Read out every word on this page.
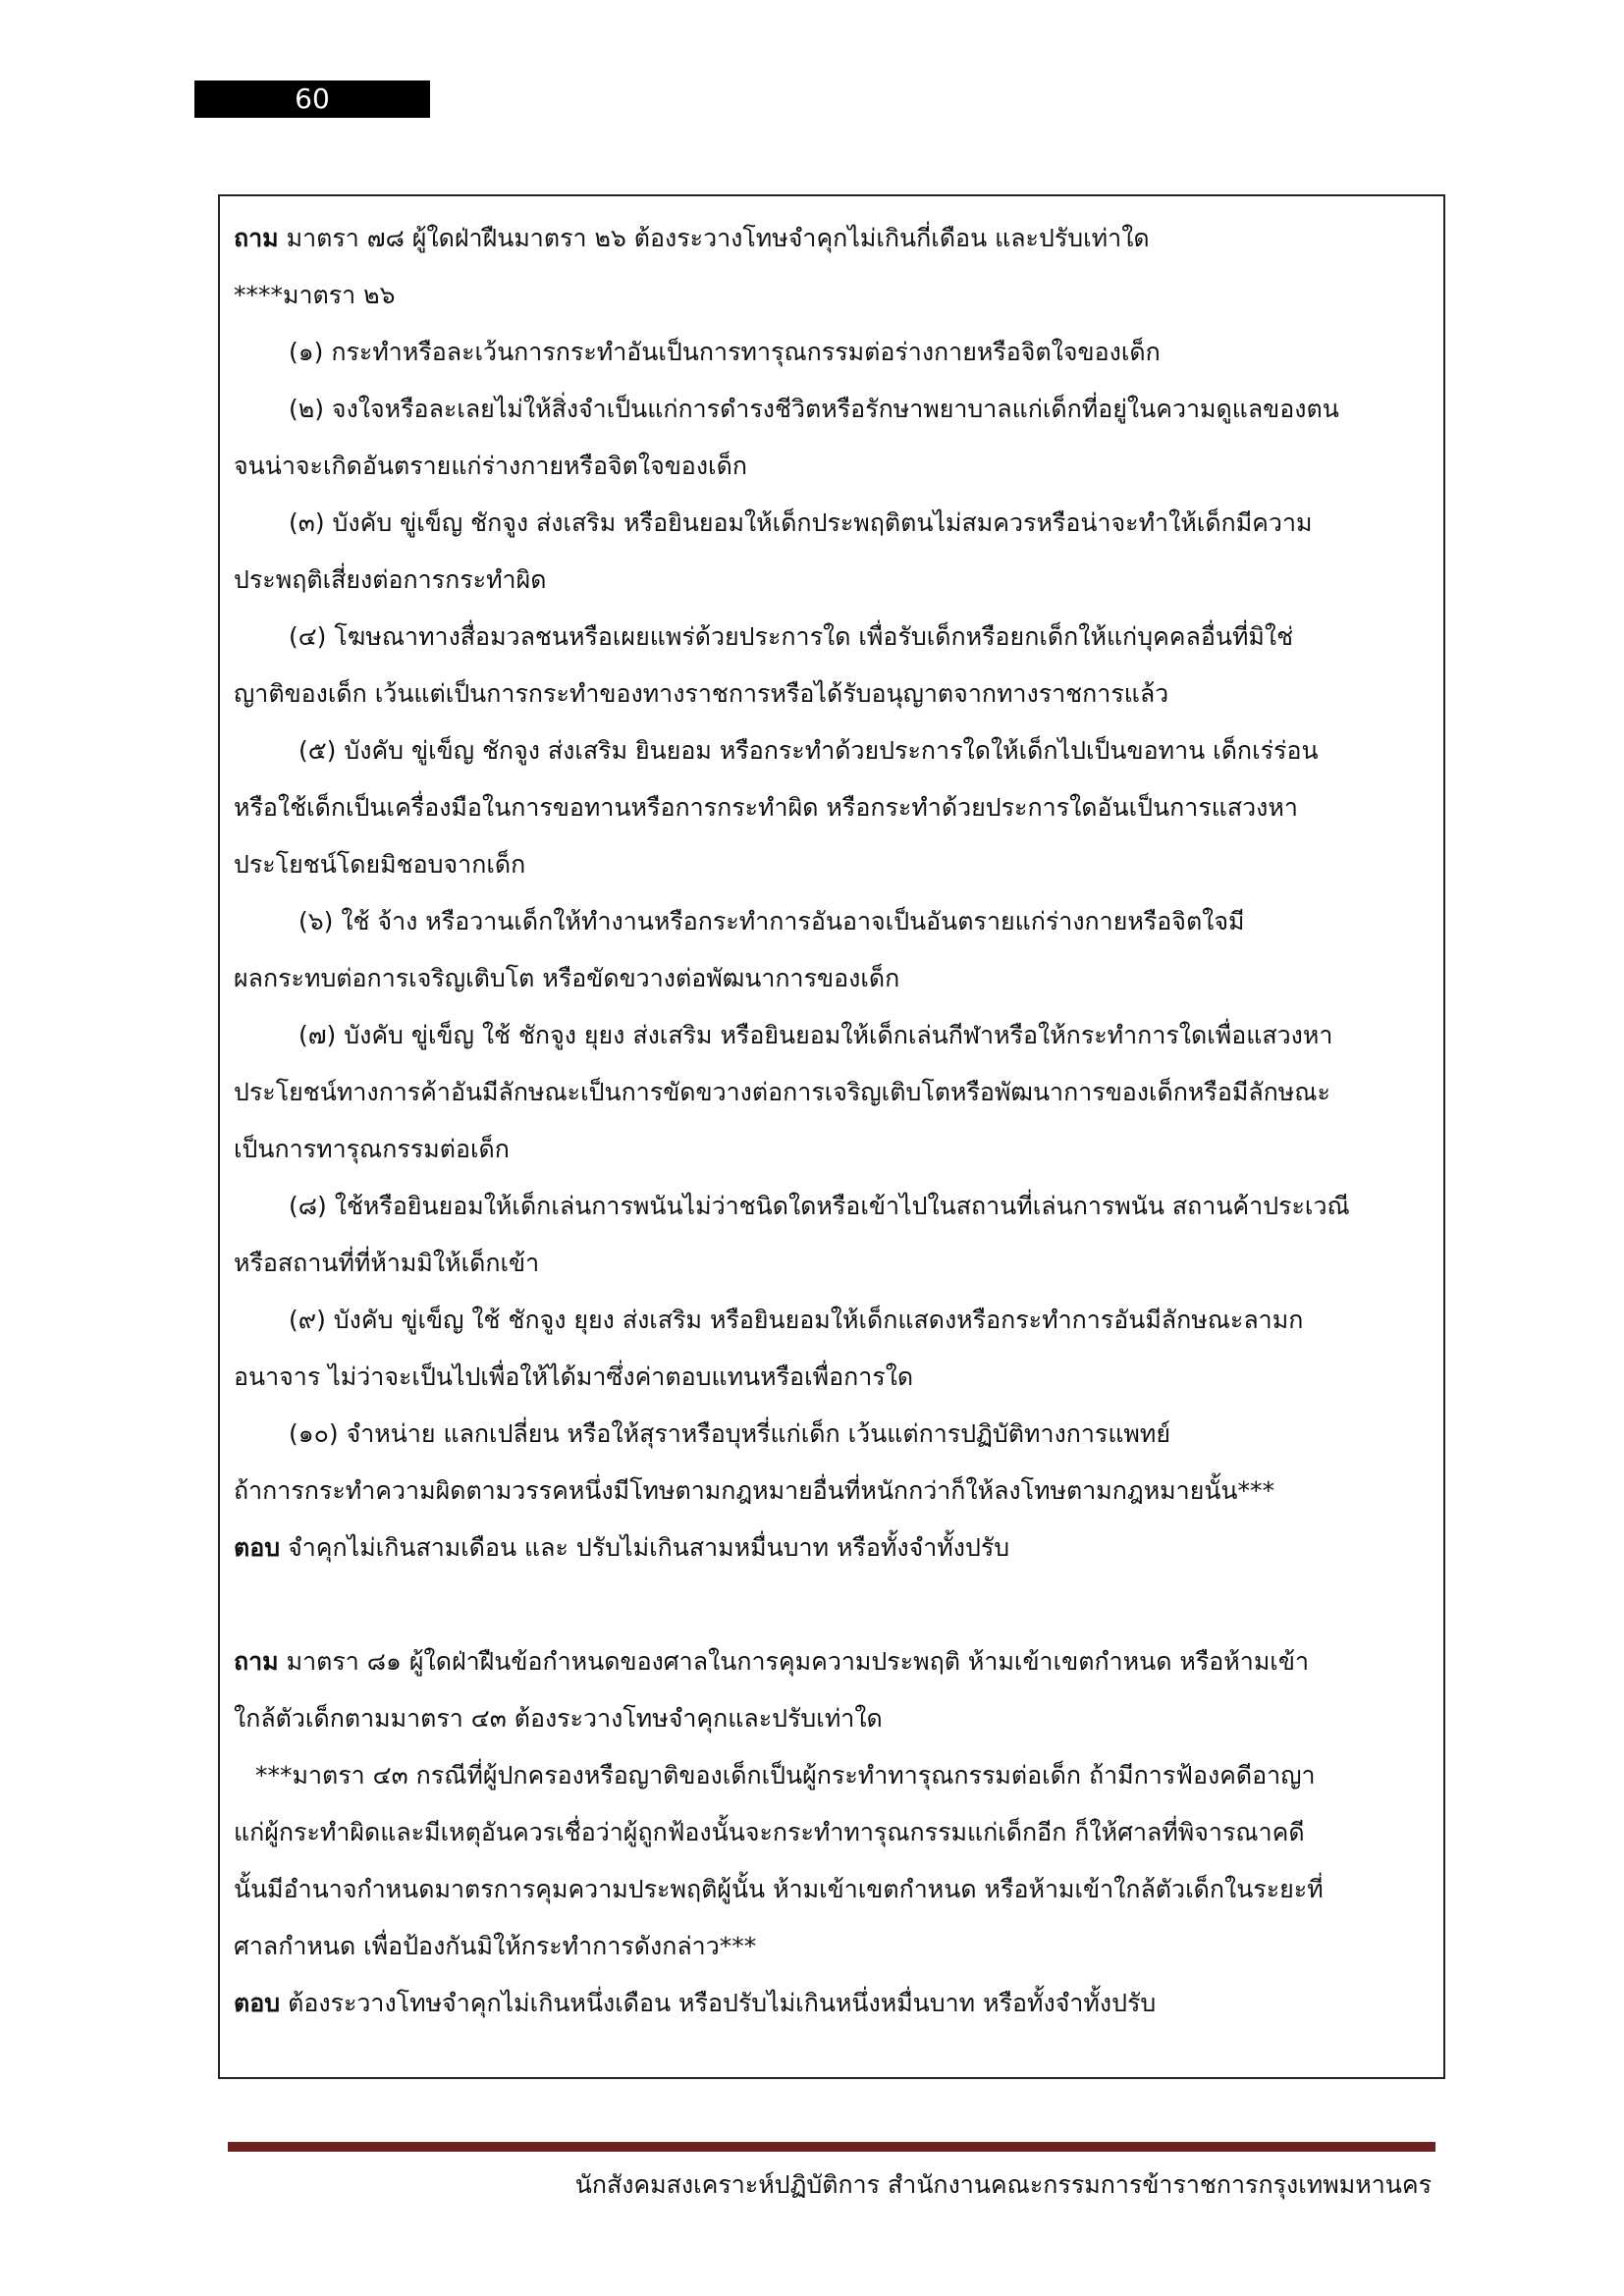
60
ถาม มาตรา ๗๘ ผู้ใดฝ่าฝืนมาตรา ๒๖ ต้องระวางโทษจำคุกไม่เกินกี่เดือน และปรับเท่าใด
****มาตรา ๒๖
(๑) กระทำหรือละเว้นการกระทำอันเป็นการทารุณกรรมต่อร่างกายหรือจิตใจของเด็ก
(๒) จงใจหรือละเลยไม่ให้สิ่งจำเป็นแก่การดำรงชีวิตหรือรักษาพยาบาลแก่เด็กที่อยู่ในความดูแลของตน
จนน่าจะเกิดอันตรายแก่ร่างกายหรือจิตใจของเด็ก
(๓) บังคับ ขู่เข็ญ ชักจูง ส่งเสริม หรือยินยอมให้เด็กประพฤติตนไม่สมควรหรือน่าจะทำให้เด็กมีความ
ประพฤติเสี่ยงต่อการกระทำผิด
(๔) โฆษณาทางสื่อมวลชนหรือเผยแพร่ด้วยประการใด เพื่อรับเด็กหรือยกเด็กให้แก่บุคคลอื่นที่มิใช่
ญาติของเด็ก เว้นแต่เป็นการกระทำของทางราชการหรือได้รับอนุญาตจากทางราชการแล้ว
(๕) บังคับ ขู่เข็ญ ชักจูง ส่งเสริม ยินยอม หรือกระทำด้วยประการใดให้เด็กไปเป็นขอทาน เด็กเร่ร่อน
หรือใช้เด็กเป็นเครื่องมือในการขอทานหรือการกระทำผิด หรือกระทำด้วยประการใดอันเป็นการแสวงหา
ประโยชน์โดยมิชอบจากเด็ก
(๖) ใช้ จ้าง หรือวานเด็กให้ทำงานหรือกระทำการอันอาจเป็นอันตรายแก่ร่างกายหรือจิตใจมี
ผลกระทบต่อการเจริญเติบโต หรือขัดขวางต่อพัฒนาการของเด็ก
(๗) บังคับ ขู่เข็ญ ใช้ ชักจูง ยุยง ส่งเสริม หรือยินยอมให้เด็กเล่นกีฬาหรือให้กระทำการใดเพื่อแสวงหา
ประโยชน์ทางการค้าอันมีลักษณะเป็นการขัดขวางต่อการเจริญเติบโตหรือพัฒนาการของเด็กหรือมีลักษณะ
เป็นการทารุณกรรมต่อเด็ก
(๘) ใช้หรือยินยอมให้เด็กเล่นการพนันไม่ว่าชนิดใดหรือเข้าไปในสถานที่เล่นการพนัน สถานค้าประเวณี
หรือสถานที่ที่ห้ามมิให้เด็กเข้า
(๙) บังคับ ขู่เข็ญ ใช้ ชักจูง ยุยง ส่งเสริม หรือยินยอมให้เด็กแสดงหรือกระทำการอันมีลักษณะลามก
อนาจาร ไม่ว่าจะเป็นไปเพื่อให้ได้มาซึ่งค่าตอบแทนหรือเพื่อการใด
(๑๐) จำหน่าย แลกเปลี่ยน หรือให้สุราหรือบุหรี่แก่เด็ก เว้นแต่การปฏิบัติทางการแพทย์
ถ้าการกระทำความผิดตามวรรคหนึ่งมีโทษตามกฎหมายอื่นที่หนักกว่าก็ให้ลงโทษตามกฎหมายนั้น***
ตอบ จำคุกไม่เกินสามเดือน และ ปรับไม่เกินสามหมื่นบาท หรือทั้งจำทั้งปรับ
ถาม มาตรา ๘๑ ผู้ใดฝ่าฝืนข้อกำหนดของศาลในการคุมความประพฤติ ห้ามเข้าเขตกำหนด หรือห้ามเข้า
ใกล้ตัวเด็กตามมาตรา ๔๓ ต้องระวางโทษจำคุกและปรับเท่าใด
***มาตรา ๔๓ กรณีที่ผู้ปกครองหรือญาติของเด็กเป็นผู้กระทำทารุณกรรมต่อเด็ก ถ้ามีการฟ้องคดีอาญา
แก่ผู้กระทำผิดและมีเหตุอันควรเชื่อว่าผู้ถูกฟ้องนั้นจะกระทำทารุณกรรมแก่เด็กอีก ก็ให้ศาลที่พิจารณาคดี
นั้นมีอำนาจกำหนดมาตรการคุมความประพฤติผู้นั้น ห้ามเข้าเขตกำหนด หรือห้ามเข้าใกล้ตัวเด็กในระยะที่
ศาลกำหนด เพื่อป้องกันมิให้กระทำการดังกล่าว***
ตอบ ต้องระวางโทษจำคุกไม่เกินหนึ่งเดือน หรือปรับไม่เกินหนึ่งหมื่นบาท หรือทั้งจำทั้งปรับ
นักสังคมสงเคราะห์ปฏิบัติการ สำนักงานคณะกรรมการข้าราชการกรุงเทพมหานคร
